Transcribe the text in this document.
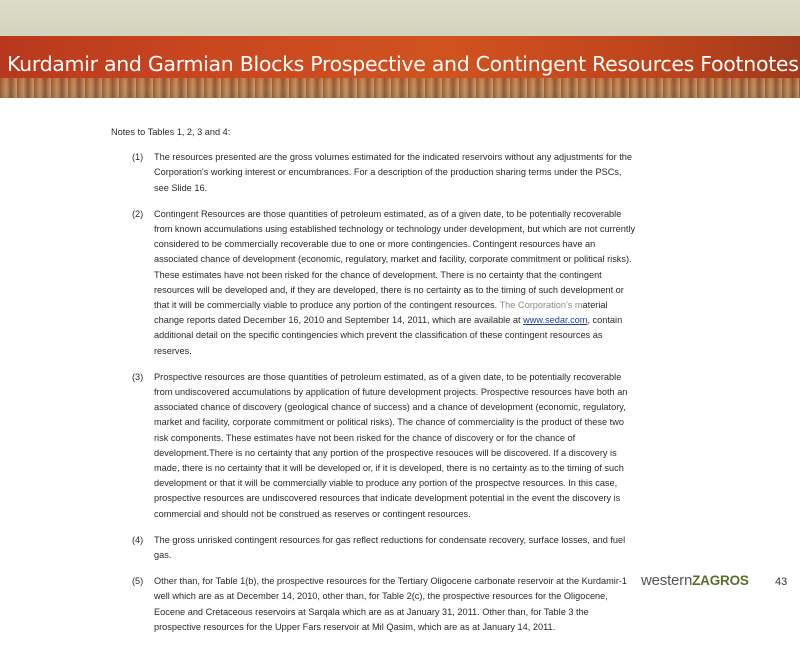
Kurdamir and Garmian Blocks Prospective and Contingent Resources Footnotes

Notes to Tables 1, 2, 3 and 4:

(1)	The resources presented are the gross volumes estimated for the indicated reservoirs without any adjustments for the Corporation's working interest or encumbrances. For a description of the production sharing terms under the PSCs, see Slide 16.
(2)	Contingent Resources are those quantities of petroleum estimated, as of a given date, to be potentially recoverable from known accumulations using established technology or technology under development, but which are not currently considered to be commercially recoverable due to one or more contingencies. Contingent resources have an associated chance of development (economic, regulatory, market and facility, corporate commitment or political risks). These estimates have not been risked for the chance of development. There is no certainty that the contingent resources will be developed and, if they are developed, there is no certainty as to the timing of such development or that it will be commercially viable to produce any portion of the contingent resources. The Corporation's material change reports dated December 16, 2010 and September 14, 2011, which are available at www.sedar.com, contain additional detail on the specific contingencies which prevent the classification of these contingent resources as reserves.
(3)	Prospective resources are those quantities of petroleum estimated, as of a given date, to be potentially recoverable from undiscovered accumulations by application of future development projects. Prospective resources have both an associated chance of discovery (geological chance of success) and a chance of development (economic, regulatory, market and facility, corporate commitment or political risks). The chance of commerciality is the product of these two risk components. These estimates have not been risked for the chance of discovery or for the chance of development.There is no certainty that any portion of the prospective resouces will be discovered. If a discovery is made, there is no certainty that it will be developed or, if it is developed, there is no certainty as to the timing of such development or that it will be commercially viable to produce any portion of the prospectve resources. In this case, prospective resources are undiscovered resources that indicate development potential in the event the discovery is commercial and should not be construed as reserves or contingent resources.
(4)	The gross unrisked contingent resources for gas reflect reductions for condensate recovery, surface losses, and fuel gas.
(5)	Other than, for Table 1(b), the prospective resources for the Tertiary Oligocene carbonate reservoir at the Kurdamir-1 well which are as at December 14, 2010, other than, for Table 2(c), the prospective resources for the Oligocene, Eocene and Cretaceous reservoirs at Sarqala which are as at January 31, 2011. Other than, for Table 3 the prospective resources for the Upper Fars reservoir at Mil Qasim, which are as at January 14, 2011.
westernZAGROS 43
